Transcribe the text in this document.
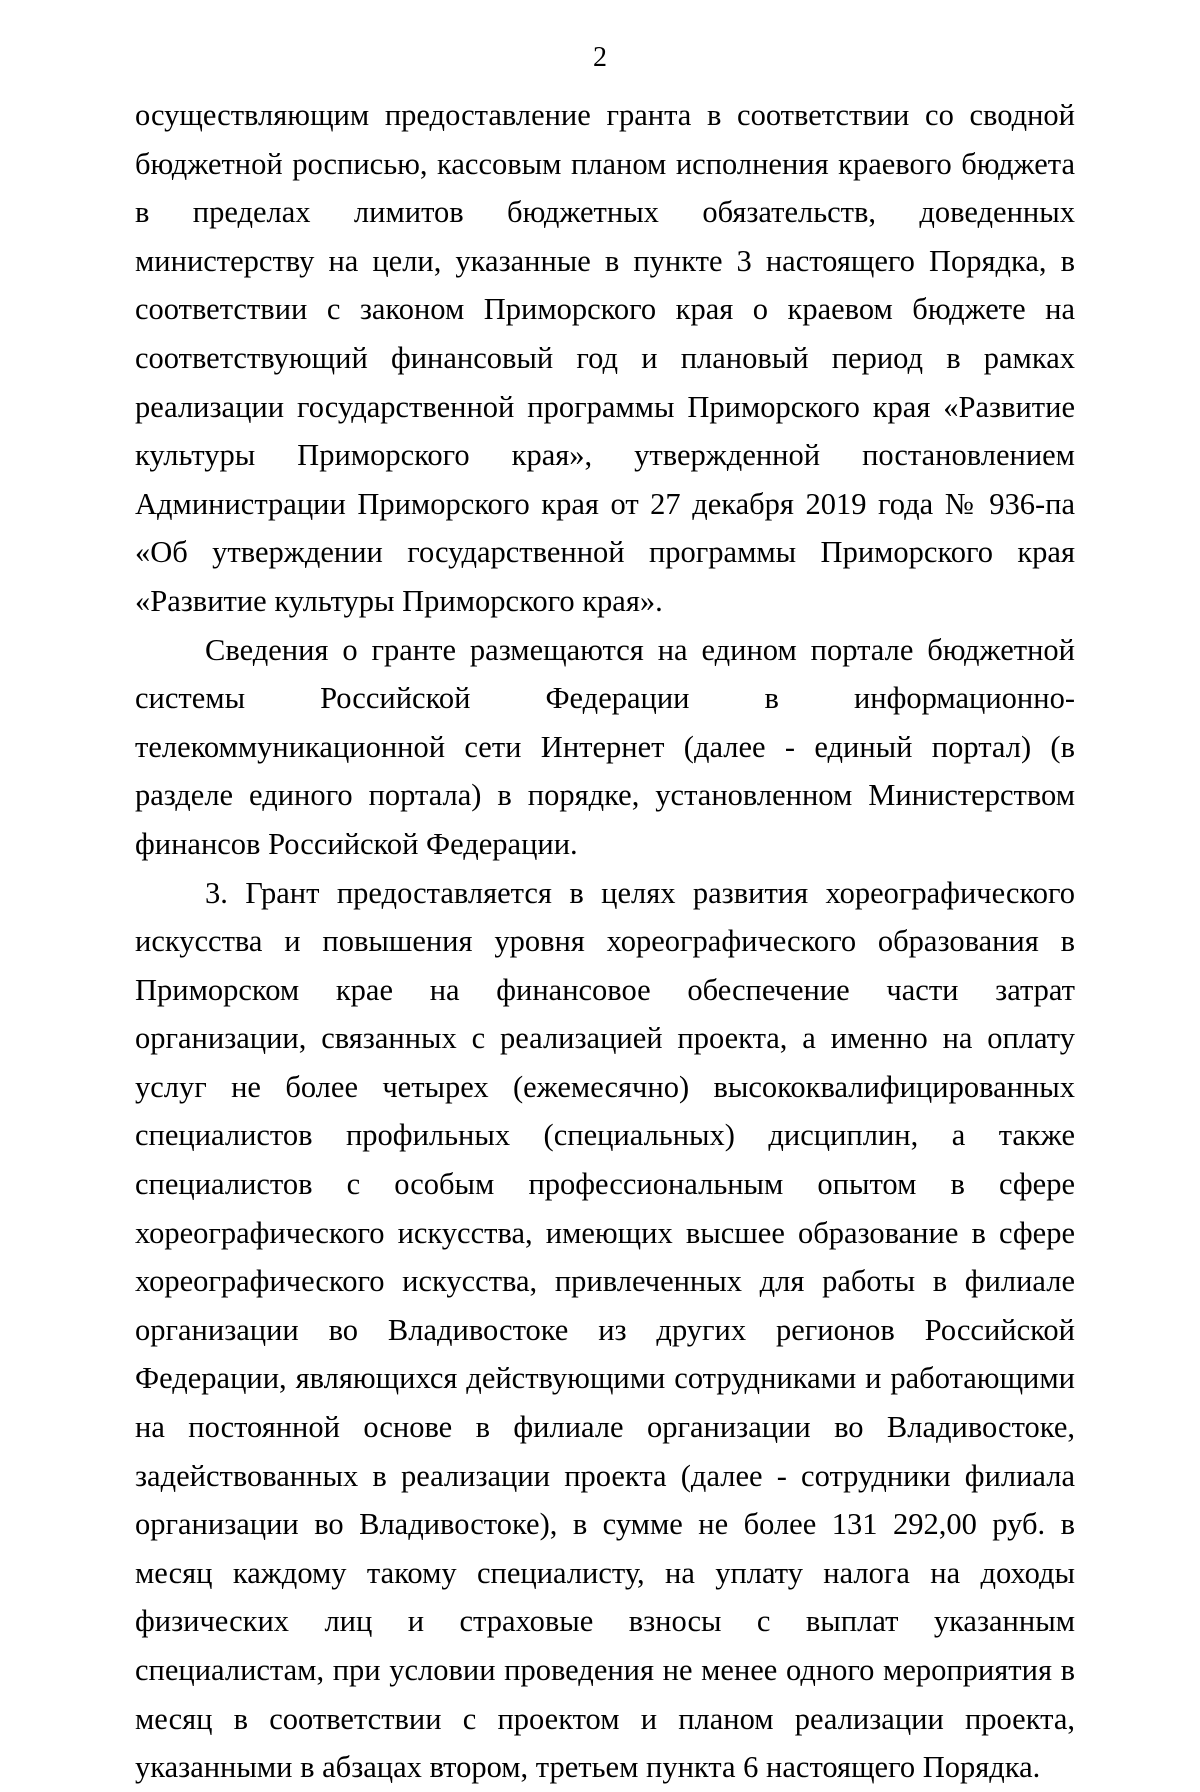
2

осуществляющим предоставление гранта в соответствии со сводной бюджетной росписью, кассовым планом исполнения краевого бюджета в пределах лимитов бюджетных обязательств, доведенных министерству на цели, указанные в пункте 3 настоящего Порядка, в соответствии с законом Приморского края о краевом бюджете на соответствующий финансовый год и плановый период в рамках реализации государственной программы Приморского края «Развитие культуры Приморского края», утвержденной постановлением Администрации Приморского края от 27 декабря 2019 года № 936-па «Об утверждении государственной программы Приморского края «Развитие культуры Приморского края».

Сведения о гранте размещаются на едином портале бюджетной системы Российской Федерации в информационно-телекоммуникационной сети Интернет (далее - единый портал) (в разделе единого портала) в порядке, установленном Министерством финансов Российской Федерации.

3. Грант предоставляется в целях развития хореографического искусства и повышения уровня хореографического образования в Приморском крае на финансовое обеспечение части затрат организации, связанных с реализацией проекта, а именно на оплату услуг не более четырех (ежемесячно) высококвалифицированных специалистов профильных (специальных) дисциплин, а также специалистов с особым профессиональным опытом в сфере хореографического искусства, имеющих высшее образование в сфере хореографического искусства, привлеченных для работы в филиале организации во Владивостоке из других регионов Российской Федерации, являющихся действующими сотрудниками и работающими на постоянной основе в филиале организации во Владивостоке, задействованных в реализации проекта (далее - сотрудники филиала организации во Владивостоке), в сумме не более 131 292,00 руб. в месяц каждому такому специалисту, на уплату налога на доходы физических лиц и страховые взносы с выплат указанным специалистам, при условии проведения не менее одного мероприятия в месяц в соответствии с проектом и планом реализации проекта, указанными в абзацах втором, третьем пункта 6 настоящего Порядка.
